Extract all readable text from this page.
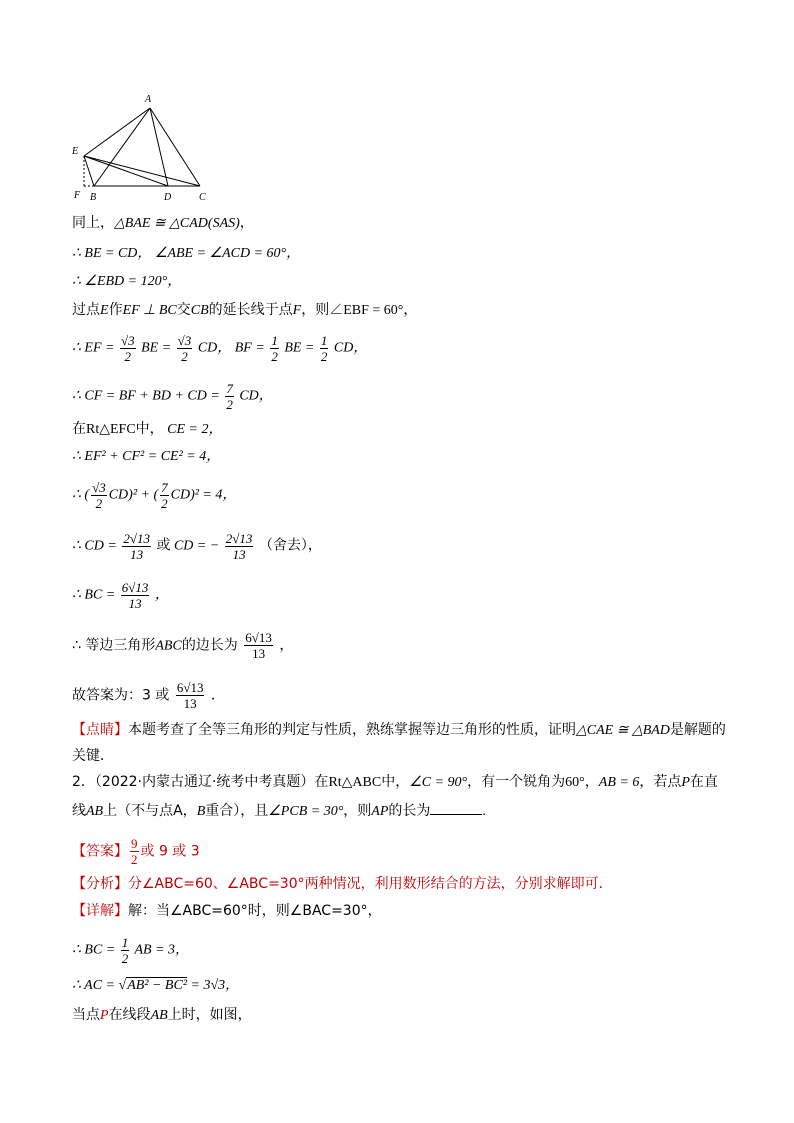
A
E
F B	D	C
同上，△BAE ≅ △CAD(SAS)，
∴ BE = CD， ∠ABE = ∠ACD = 60°，
∴ ∠EBD = 120°，
过点E作EF ⊥ BC交CB的延长线于点F，则∠EBF = 60°，
∴ EF = $\frac{√3}{2}$ BE = $\frac{√3}{2}$ CD， BF = $\frac{1}{2}$ BE = $\frac{1}{2}$ CD，
∴ CF = BF + BD + CD = $\frac{7}{2}$ CD，
在Rt△EFC中， CE = 2，
∴ EF² + CF² = CE² = 4，
∴ ( $\frac{√3}{2} CD)^2$ + ( $\frac{7}{2} CD)^2 = 4$，
∴ CD = $\frac{2√13}{13}$ 或 CD = − $\frac{2√13}{13}$ （舍去），
∴ BC = $\frac{6√13}{13}$ ，
∴ 等边三角形ABC的边长为 $\frac{6√13}{13}$ ，
故答案为：3 或 $\frac{6√13}{13}$ .
【点睛】本题考查了全等三角形的判定与性质，熟练掌握等边三角形的性质，证明△CAE ≅ △BAD是解题的
关键．
2．（2022·内蒙古通辽·统考中考真题）在Rt△ABC中，∠C = 90°，有一个锐角为60°，AB = 6，若点P在直
线AB上（不与点A，B重合），且∠PCB = 30°，则AP的长为	.
【答案】 $\frac{9}{2}$ 或 9 或 3
【分析】分∠ABC=60、∠ABC=30°两种情况，利用数形结合的方法，分别求解即可．
【详解】解：当∠ABC=60°时，则∠BAC=30°，
∴ BC = $\frac{1}{2}$ AB = 3，
∴ AC = √AB² − BC² = 3√3，
当点P在线段AB上时，如图，
